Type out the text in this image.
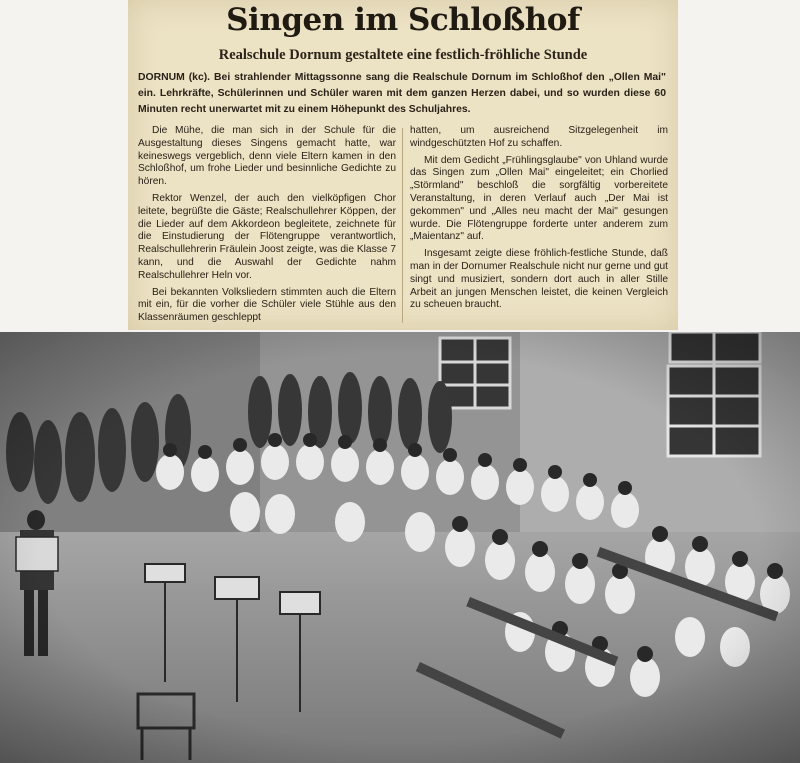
Singen im Schloßhof
Realschule Dornum gestaltete eine festlich-fröhliche Stunde

DORNUM (kc). Bei strahlender Mittagssonne sang die Realschule Dornum im Schloßhof den „Ollen Mai" ein. Lehrkräfte, Schülerinnen und Schüler waren mit dem ganzen Herzen dabei, und so wurden diese 60 Minuten recht unerwartet mit zu einem Höhepunkt des Schuljahres.

Die Mühe, die man sich in der Schule für die Ausgestaltung dieses Singens gemacht hatte, war keineswegs vergeblich, denn viele Eltern kamen in den Schloßhof, um frohe Lieder und besinnliche Gedichte zu hören.

Rektor Wenzel, der auch den vielköpfigen Chor leitete, begrüßte die Gäste; Realschullehrer Köppen, der die Lieder auf dem Akkordeon begleitete, zeichnete für die Einstudierung der Flötengruppe verantwortlich, Realschullehrerin Fräulein Joost zeigte, was die Klasse 7 kann, und die Auswahl der Gedichte nahm Realschullehrer Heln vor.

Bei bekannten Volksliedern stimmten auch die Eltern mit ein, für die vorher die Schüler viele Stühle aus den Klassenräumen geschleppt

hatten, um ausreichend Sitzgelegenheit im windgeschützten Hof zu schaffen.

Mit dem Gedicht „Frühlingsglaube" von Uhland wurde das Singen zum „Ollen Mai" eingeleitet; ein Chorlied „Störmland" beschloß die sorgfältig vorbereitete Veranstaltung, in deren Verlauf auch „Der Mai ist gekommen" und „Alles neu macht der Mai" gesungen wurde. Die Flötengruppe forderte unter anderem zum „Maientanz" auf.

Insgesamt zeigte diese fröhlich-festliche Stunde, daß man in der Dornumer Realschule nicht nur gerne und gut singt und musiziert, sondern dort auch in aller Stille Arbeit an jungen Menschen leistet, die keinen Vergleich zu scheuen braucht.
